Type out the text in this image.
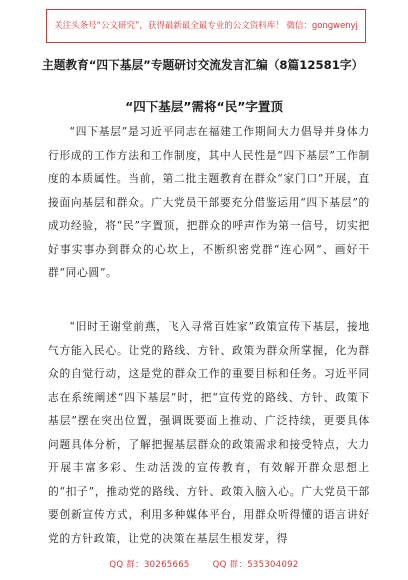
关注头条号“公文研究”，获得最新最全最专业的公文资料库！ 微信：gongwenyj
主题教育“四下基层”专题研讨交流发言汇编（8篇12581字）
“四下基层”需将“民”字置顶

“四下基层”是习近平同志在福建工作期间大力倡导并身体力行形成的工作方法和工作制度，其中人民性是“四下基层”工作制度的本质属性。当前，第二批主题教育在群众“家门口”开展，直接面向基层和群众。广大党员干部要充分借鉴运用“四下基层”的成功经验，将“民”字置顶，把群众的呼声作为第一信号，切实把好事实事办到群众的心坎上，不断织密党群“连心网”、画好干群“同心圆”。

“旧时王谢堂前燕，飞入寻常百姓家”政策宣传下基层，接地气方能入民心。让党的路线、方针、政策为群众所掌握，化为群众的自觉行动，这是党的群众工作的重要目标和任务。习近平同志在系统阐述“四下基层”时，把“宣传党的路线、方针、政策下基层”摆在突出位置，强调既要面上推动、广泛持续，更要具体问题具体分析，了解把握基层群众的政策需求和接受特点，大力开展丰富多彩、生动活泼的宣传教育，有效解开群众思想上的“扣子”，推动党的路线、方针、政策入脑入心。广大党员干部要创新宣传方式，利用多种媒体平台，用群众听得懂的语言讲好党的方针政策，让党的决策在基层生根发芽，得

QQ 群：30265665	QQ 群：535304092
